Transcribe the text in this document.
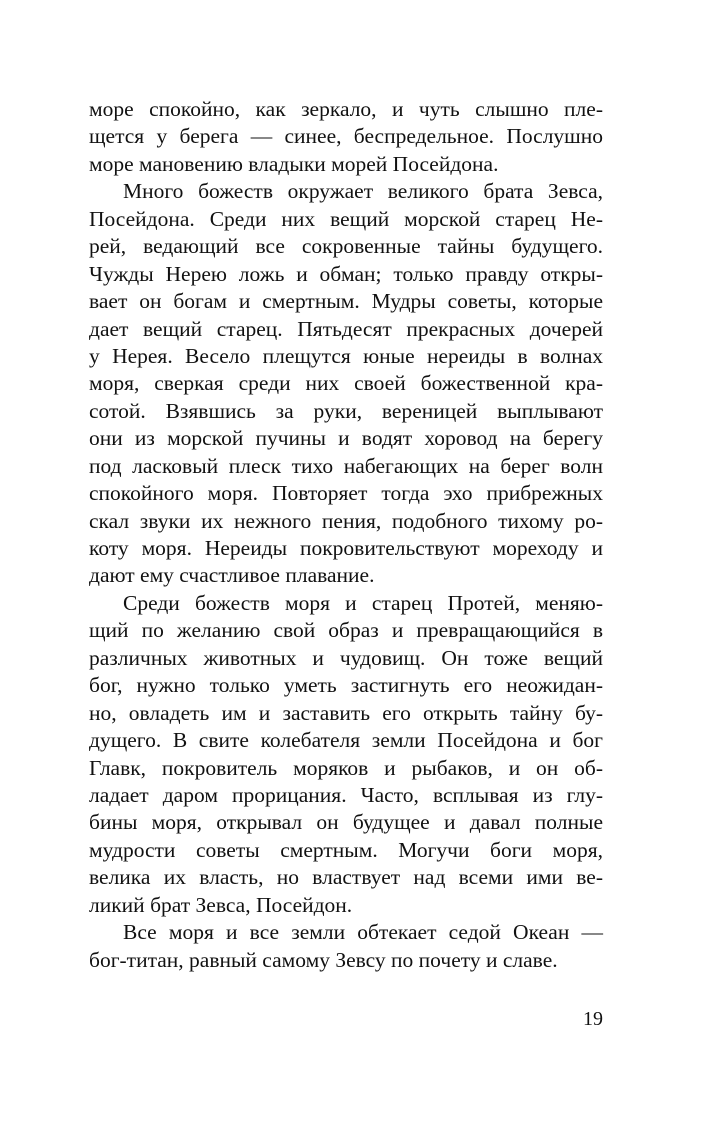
море спокойно, как зеркало, и чуть слышно пле-
щется у берега — синее, беспредельное. Послушно
море мановению владыки морей Посейдона.
Много божеств окружает великого брата Зевса,
Посейдона. Среди них вещий морской старец Не-
рей, ведающий все сокровенные тайны будущего.
Чужды Нерею ложь и обман; только правду откры-
вает он богам и смертным. Мудры советы, которые
дает вещий старец. Пятьдесят прекрасных дочерей
у Нерея. Весело плещутся юные нереиды в волнах
моря, сверкая среди них своей божественной кра-
сотой. Взявшись за руки, вереницей выплывают
они из морской пучины и водят хоровод на берегу
под ласковый плеск тихо набегающих на берег волн
спокойного моря. Повторяет тогда эхо прибрежных
скал звуки их нежного пения, подобного тихому ро-
коту моря. Нереиды покровительствуют мореходу и
дают ему счастливое плавание.
Среди божеств моря и старец Протей, меняю-
щий по желанию свой образ и превращающийся в
различных животных и чудовищ. Он тоже вещий
бог, нужно только уметь застигнуть его неожидан-
но, овладеть им и заставить его открыть тайну бу-
дущего. В свите колебателя земли Посейдона и бог
Главк, покровитель моряков и рыбаков, и он об-
ладает даром прорицания. Часто, всплывая из глу-
бины моря, открывал он будущее и давал полные
мудрости советы смертным. Могучи боги моря,
велика их власть, но властвует над всеми ими ве-
ликий брат Зевса, Посейдон.
Все моря и все земли обтекает седой Океан —
бог-титан, равный самому Зевсу по почету и славе.
19
